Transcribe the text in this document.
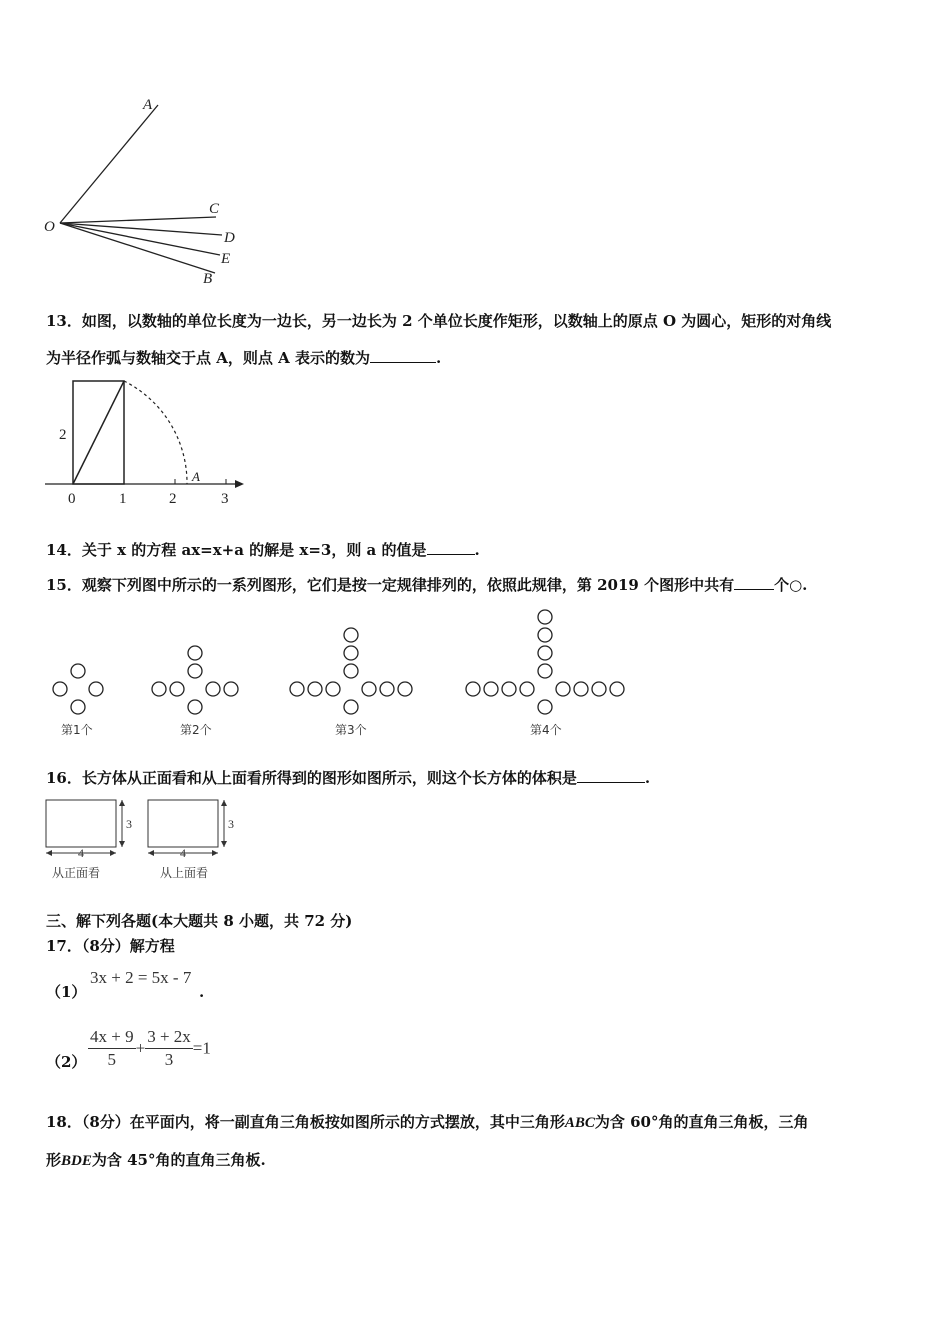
A
O
C
D
E
B
13．如图，以数轴的单位长度为一边长，另一边长为 2 个单位长度作矩形，以数轴上的原点 O 为圆心，矩形的对角线
为半径作弧与数轴交于点 A，则点 A 表示的数为	.
2
0	1	2	3
A
14．关于 x 的方程 ax=x+a 的解是 x=3，则 a 的值是	.
15．观察下列图中所示的一系列图形，它们是按一定规律排列的，依照此规律，第 2019 个图形中共有	个○.
第1个	第2个	第3个	第4个
16．长方体从正面看和从上面看所得到的图形如图所示，则这个长方体的体积是	.
3
4
3
4
从正面看	从上面看
三、解下列各题(本大题共 8 小题，共 72 分)
17．（8分）解方程
（1）
3x + 2 = 5x - 7
.
$(2) \frac{4x + 9}{5} + \frac{3 + 2x}{3} =1$
18．（8分）在平面内，将一副直角三角板按如图所示的方式摆放，其中三角形ABC为含 60°角的直角三角板，三角
形BDE为含 45°角的直角三角板.
